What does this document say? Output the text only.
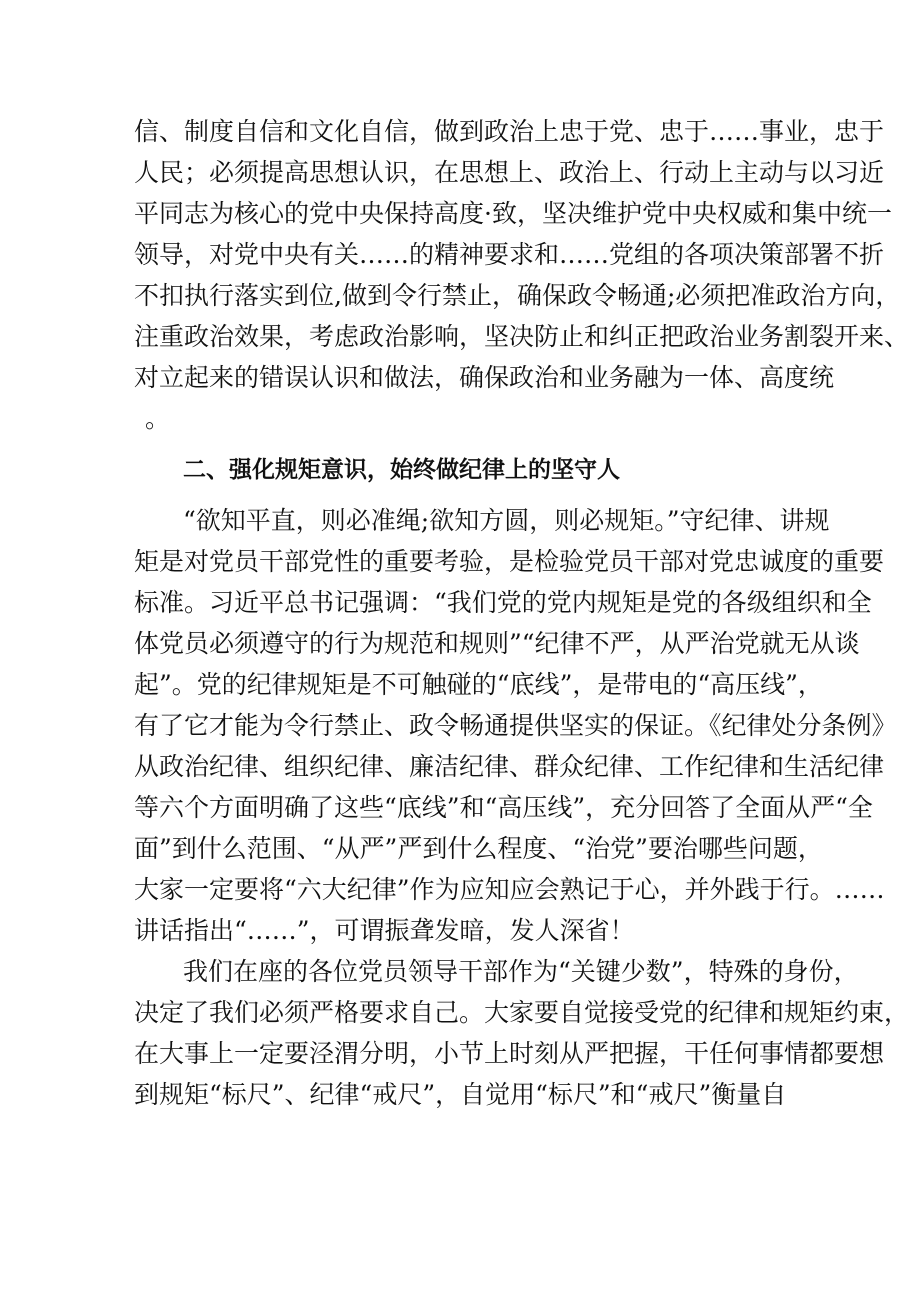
信、制度自信和文化自信，做到政治上忠于党、忠于……事业，忠于
人民；必须提高思想认识，在思想上、政治上、行动上主动与以习近
平同志为核心的党中央保持高度·致，坚决维护党中央权威和集中统一
领导，对党中央有关……的精神要求和……党组的各项决策部署不折
不扣执行落实到位,做到令行禁止，确保政令畅通;必须把准政治方向，
注重政治效果，考虑政治影响，坚决防止和纠正把政治业务割裂开来、
对立起来的错误认识和做法，确保政治和业务融为一体、高度统
。
二、强化规矩意识，始终做纪律上的坚守人
“欲知平直，则必准绳;欲知方圆，则必规矩。”守纪律、讲规
矩是对党员干部党性的重要考验，是检验党员干部对党忠诚度的重要
标准。习近平总书记强调：“我们党的党内规矩是党的各级组织和全
体党员必须遵守的行为规范和规则”“纪律不严，从严治党就无从谈
起”。党的纪律规矩是不可触碰的“底线”，是带电的“高压线”，
有了它才能为令行禁止、政令畅通提供坚实的保证。《纪律处分条例》
从政治纪律、组织纪律、廉洁纪律、群众纪律、工作纪律和生活纪律
等六个方面明确了这些“底线”和“高压线”，充分回答了全面从严“全
面”到什么范围、“从严”严到什么程度、“治党”要治哪些问题，
大家一定要将“六大纪律”作为应知应会熟记于心，并外践于行。……
讲话指出“……”，可谓振聋发暗，发人深省！
我们在座的各位党员领导干部作为“关键少数”，特殊的身份，
决定了我们必须严格要求自己。大家要自觉接受党的纪律和规矩约束，
在大事上一定要泾渭分明，小节上时刻从严把握，干任何事情都要想
到规矩“标尺”、纪律“戒尺”，自觉用“标尺”和“戒尺”衡量自
